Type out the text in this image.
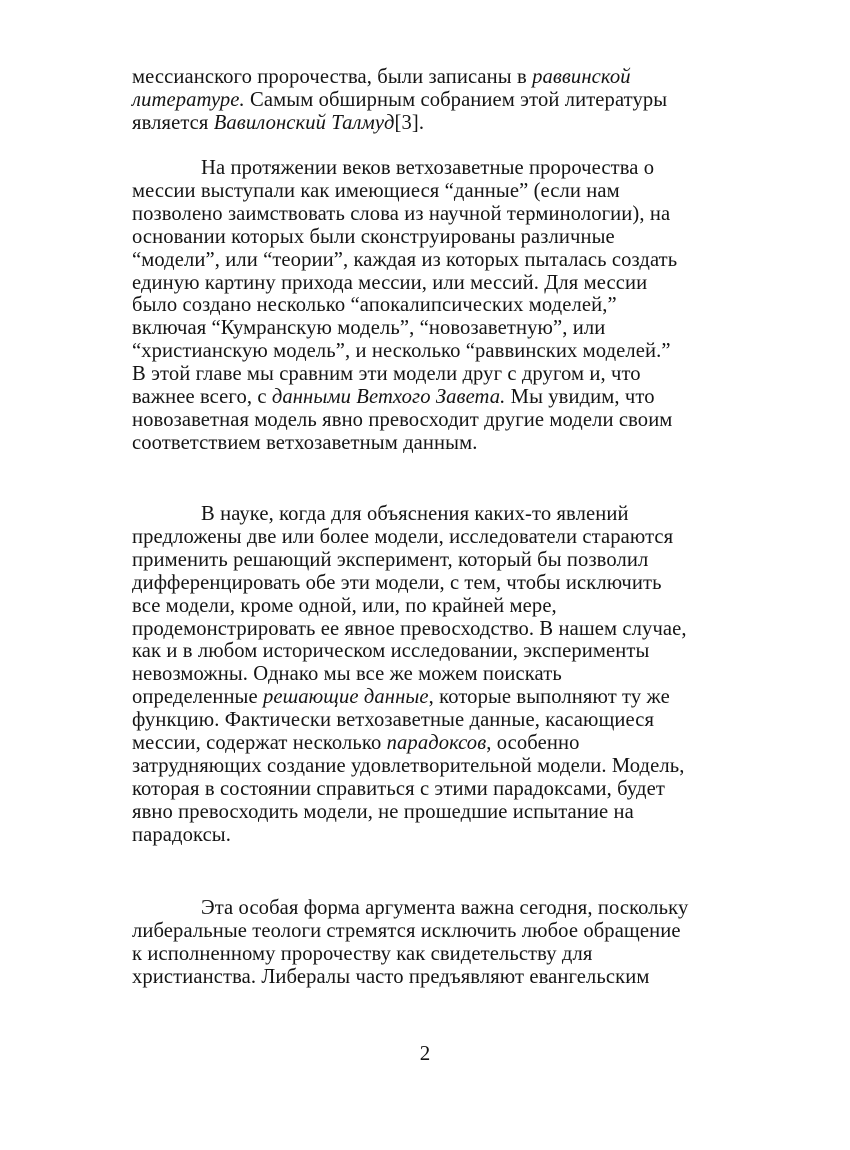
мессианского пророчества, были записаны в раввинской
литературе. Самым обширным собранием этой литературы
является Вавилонский Талмуд[3].
На протяжении веков ветхозаветные пророчества о
мессии выступали как имеющиеся “данные” (если нам
позволено заимствовать слова из научной терминологии), на
основании которых были сконструированы различные
“модели”, или “теории”, каждая из которых пыталась создать
единую картину прихода мессии, или мессий. Для мессии
было создано несколько “апокалипсических моделей,”
включая “Кумранскую модель”, “новозаветную”, или
“христианскую модель”, и несколько “раввинских моделей.”
В этой главе мы сравним эти модели друг с другом и, что
важнее всего, с данными Ветхого Завета. Мы увидим, что
новозаветная модель явно превосходит другие модели своим
соответствием ветхозаветным данным.
В науке, когда для объяснения каких-то явлений
предложены две или более модели, исследователи стараются
применить решающий эксперимент, который бы позволил
дифференцировать обе эти модели, с тем, чтобы исключить
все модели, кроме одной, или, по крайней мере,
продемонстрировать ее явное превосходство. В нашем случае,
как и в любом историческом исследовании, эксперименты
невозможны. Однако мы все же можем поискать
определенные решающие данные, которые выполняют ту же
функцию. Фактически ветхозаветные данные, касающиеся
мессии, содержат несколько парадоксов, особенно
затрудняющих создание удовлетворительной модели. Модель,
которая в состоянии справиться с этими парадоксами, будет
явно превосходить модели, не прошедшие испытание на
парадоксы.
Эта особая форма аргумента важна сегодня, поскольку
либеральные теологи стремятся исключить любое обращение
к исполненному пророчеству как свидетельству для
христианства. Либералы часто предъявляют евангельским
2
